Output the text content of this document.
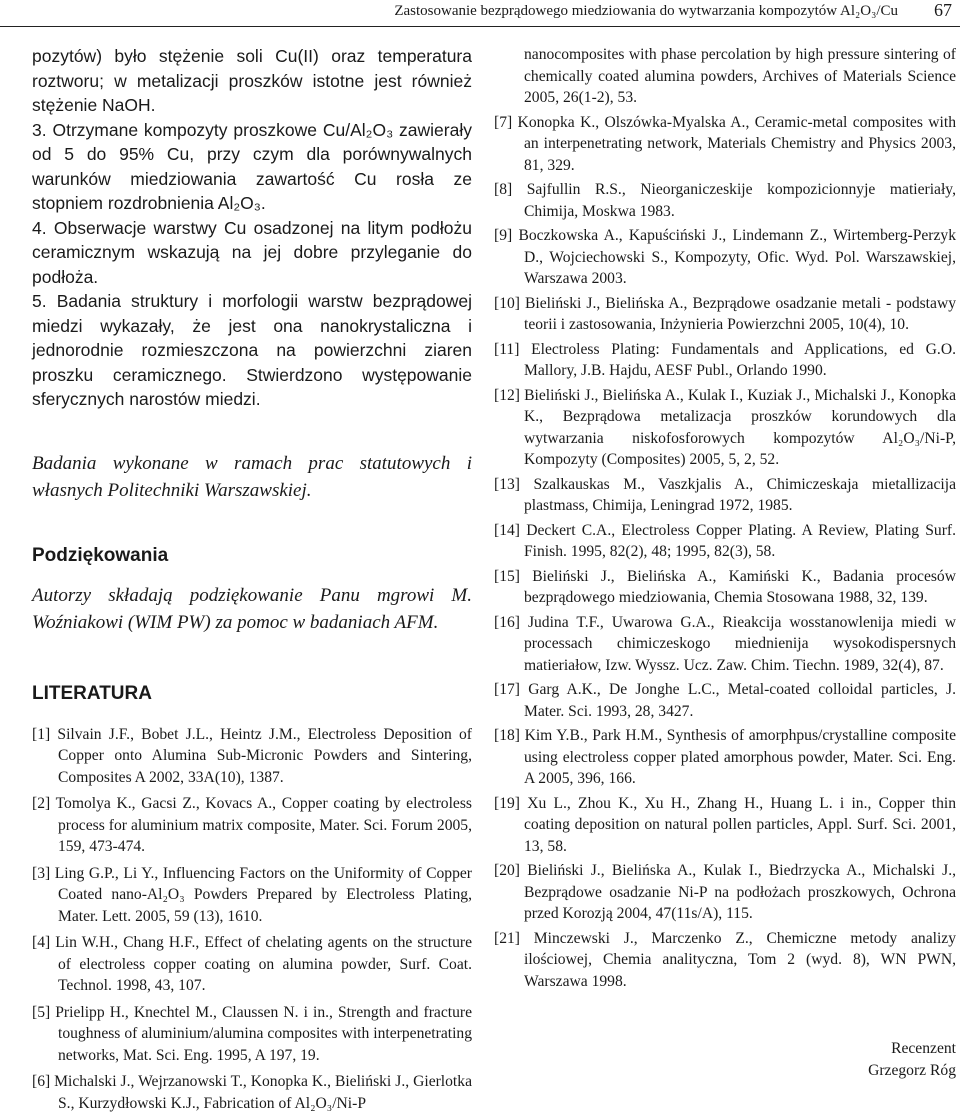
Zastosowanie bezprądowego miedziowania do wytwarzania kompozytów Al₂O₃/Cu 67
pozytów) było stężenie soli Cu(II) oraz temperatura roztworu; w metalizacji proszków istotne jest również stężenie NaOH.
3. Otrzymane kompozyty proszkowe Cu/Al₂O₃ zawierały od 5 do 95% Cu, przy czym dla porównywalnych warunków miedziowania zawartość Cu rosła ze stopniem rozdrobnienia Al₂O₃.
4. Obserwacje warstwy Cu osadzonej na litym podłożu ceramicznym wskazują na jej dobre przyleganie do podłoża.
5. Badania struktury i morfologii warstw bezprądowej miedzi wykazały, że jest ona nanokrystaliczna i jednorodnie rozmieszczona na powierzchni ziaren proszku ceramicznego. Stwierdzono występowanie sferycznych narostów miedzi.
Badania wykonane w ramach prac statutowych i własnych Politechniki Warszawskiej.
Podziękowania
Autorzy składają podziękowanie Panu mgrowi M. Woźniakowi (WIM PW) za pomoc w badaniach AFM.
LITERATURA
[1] Silvain J.F., Bobet J.L., Heintz J.M., Electroless Deposition of Copper onto Alumina Sub-Micronic Powders and Sintering, Composites A 2002, 33A(10), 1387.
[2] Tomolya K., Gacsi Z., Kovacs A., Copper coating by electroless process for aluminium matrix composite, Mater. Sci. Forum 2005, 159, 473-474.
[3] Ling G.P., Li Y., Influencing Factors on the Uniformity of Copper Coated nano-Al₂O₃ Powders Prepared by Electroless Plating, Mater. Lett. 2005, 59 (13), 1610.
[4] Lin W.H., Chang H.F., Effect of chelating agents on the structure of electroless copper coating on alumina powder, Surf. Coat. Technol. 1998, 43, 107.
[5] Prielipp H., Knechtel M., Claussen N. i in., Strength and fracture toughness of aluminium/alumina composites with interpenetrating networks, Mat. Sci. Eng. 1995, A 197, 19.
[6] Michalski J., Wejrzanowski T., Konopka K., Bieliński J., Gierlotka S., Kurzydłowski K.J., Fabrication of Al₂O₃/Ni-P
nanocomposites with phase percolation by high pressure sintering of chemically coated alumina powders, Archives of Materials Science 2005, 26(1-2), 53.
[7] Konopka K., Olszówka-Myalska A., Ceramic-metal composites with an interpenetrating network, Materials Chemistry and Physics 2003, 81, 329.
[8] Sajfullin R.S., Nieorganiczeskije kompozicionnyje matieriały, Chimija, Moskwa 1983.
[9] Boczkowska A., Kapuściński J., Lindemann Z., Wirtemberg-Perzyk D., Wojciechowski S., Kompozyty, Ofic. Wyd. Pol. Warszawskiej, Warszawa 2003.
[10] Bieliński J., Bielińska A., Bezprądowe osadzanie metali - podstawy teorii i zastosowania, Inżynieria Powierzchni 2005, 10(4), 10.
[11] Electroless Plating: Fundamentals and Applications, ed G.O. Mallory, J.B. Hajdu, AESF Publ., Orlando 1990.
[12] Bieliński J., Bielińska A., Kulak I., Kuziak J., Michalski J., Konopka K., Bezprądowa metalizacja proszków korundowych dla wytwarzania niskofosforowych kompozytów Al₂O₃/Ni-P, Kompozyty (Composites) 2005, 5, 2, 52.
[13] Szalkauskas M., Vaszkjalis A., Chimiczeskaja mietallizacija plastmass, Chimija, Leningrad 1972, 1985.
[14] Deckert C.A., Electroless Copper Plating. A Review, Plating Surf. Finish. 1995, 82(2), 48; 1995, 82(3), 58.
[15] Bieliński J., Bielińska A., Kamiński K., Badania procesów bezprądowego miedziowania, Chemia Stosowana 1988, 32, 139.
[16] Judina T.F., Uwarowa G.A., Rieakcija wosstanowlenija miedi w processach chimiczeskogo miednienija wysokodispersnych matieriałow, Izw. Wyssz. Ucz. Zaw. Chim. Tiechn. 1989, 32(4), 87.
[17] Garg A.K., De Jonghe L.C., Metal-coated colloidal particles, J. Mater. Sci. 1993, 28, 3427.
[18] Kim Y.B., Park H.M., Synthesis of amorphpus/crystalline composite using electroless copper plated amorphous powder, Mater. Sci. Eng. A 2005, 396, 166.
[19] Xu L., Zhou K., Xu H., Zhang H., Huang L. i in., Copper thin coating deposition on natural pollen particles, Appl. Surf. Sci. 2001, 13, 58.
[20] Bieliński J., Bielińska A., Kulak I., Biedrzycka A., Michalski J., Bezprądowe osadzanie Ni-P na podłożach proszkowych, Ochrona przed Korozją 2004, 47(11s/A), 115.
[21] Minczewski J., Marczenko Z., Chemiczne metody analizy ilościowej, Chemia analityczna, Tom 2 (wyd. 8), WN PWN, Warszawa 1998.
Recenzent
Grzegorz Róg
